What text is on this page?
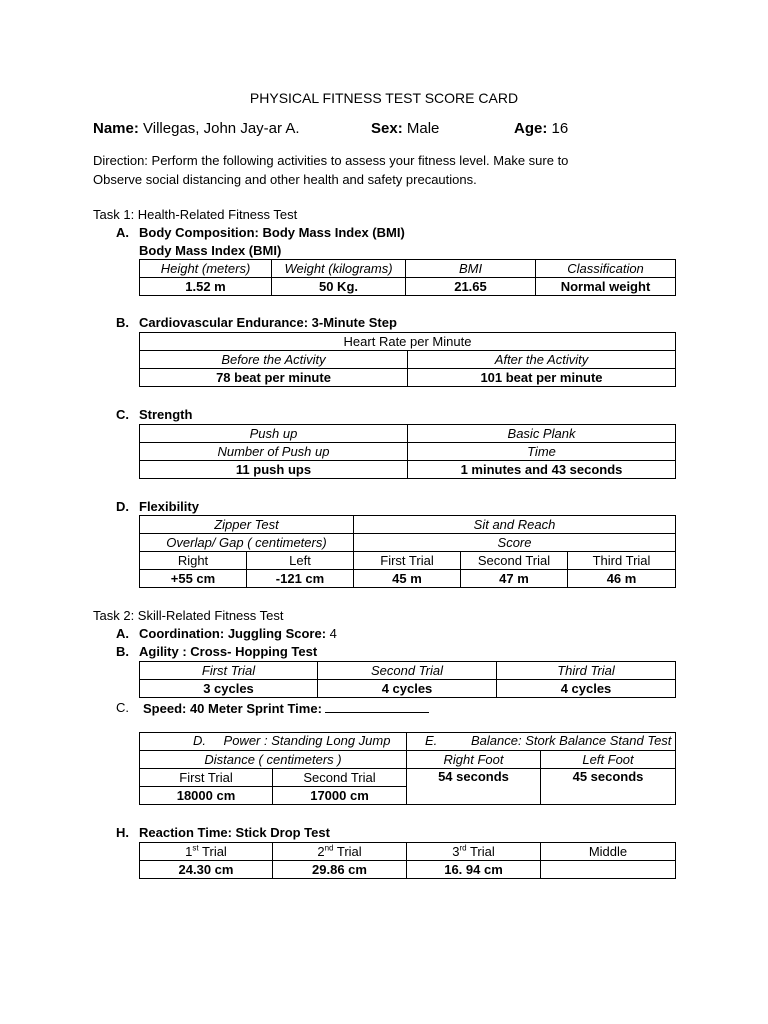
PHYSICAL FITNESS TEST SCORE CARD
Name: Villegas, John Jay-ar A.	Sex: Male	Age: 16
Direction: Perform the following activities to assess your fitness level. Make sure to
Observe social distancing and other health and safety precautions.
Task 1: Health-Related Fitness Test
A. Body Composition: Body Mass Index (BMI)
Body Mass Index (BMI)
Height (meters)	Weight (kilograms)	BMI	Classification
1.52 m	50 Kg.	21.65	Normal weight
B. Cardiovascular Endurance: 3-Minute Step
Heart Rate per Minute	
Before the Activity	After the Activity
78 beat per minute	101 beat per minute
C. Strength
Push up	Basic Plank
Number of Push up	Time
11 push ups	1 minutes and 43 seconds
D. Flexibility
Zipper Test		Sit and Reach		
Overlap/ Gap ( centimeters)		Score		
Right	Left	First Trial	Second Trial	Third Trial
+55 cm	-121 cm	45 m	47 m	46 m
Task 2: Skill-Related Fitness Test
A. Coordination: Juggling Score: 4
B. Agility : Cross- Hopping Test
First Trial	Second Trial	Third Trial
3 cycles	4 cycles	4 cycles
C. Speed: 40 Meter Sprint Time:
D. Power : Standing Long Jump		E. Balance: Stork Balance Stand Test	

Distance ( centimeters )		Right Foot	Left Foot
First Trial	Second Trial	54 seconds	45 seconds
18000 cm	17000 cm		
H. Reaction Time: Stick Drop Test
1st Trial	2nd Trial	3rd Trial	Middle
24.30 cm	29.86 cm	16. 94 cm	
